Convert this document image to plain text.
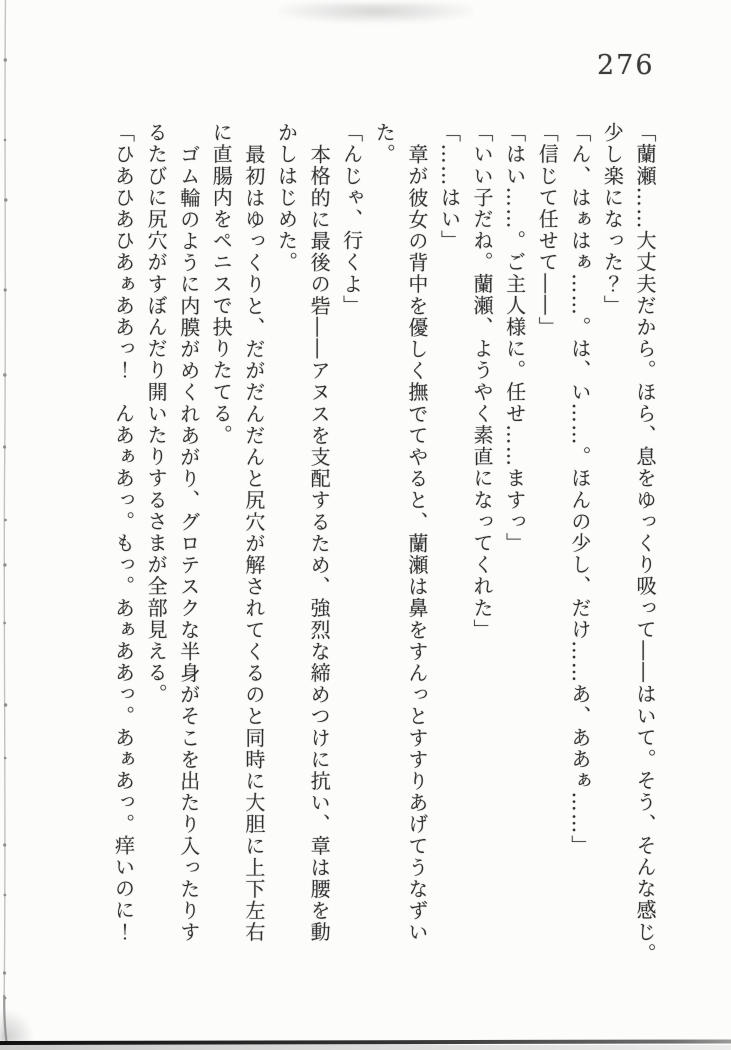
276
「蘭瀬……大丈夫だから。ほら、息をゆっくり吸って――はいて。そう、そんな感じ。
少し楽になった？」
「ん、はぁはぁ……。は、い……。ほんの少し、だけ……あ、ああぁ……」
「信じて任せて――」
「はい……。ご主人様に。任せ……ますっ」
「いい子だね。蘭瀬、ようやく素直になってくれた」
「……はい」
章が彼女の背中を優しく撫でてやると、蘭瀬は鼻をすんっとすすりあげてうなずい
た。
「んじゃ、行くよ」
本格的に最後の砦――アヌスを支配するため、強烈な締めつけに抗い、章は腰を動
かしはじめた。
最初はゆっくりと、だがだんだんと尻穴が解されてくるのと同時に大胆に上下左右
に直腸内をペニスで抉りたてる。
ゴム輪のように内膜がめくれあがり、グロテスクな半身がそこを出たり入ったりす
るたびに尻穴がすぼんだり開いたりするさまが全部見える。
「ひあひあひあぁああっ！　んあぁあっ。もっ。あぁああっ。あぁあっ。痒いのに！
